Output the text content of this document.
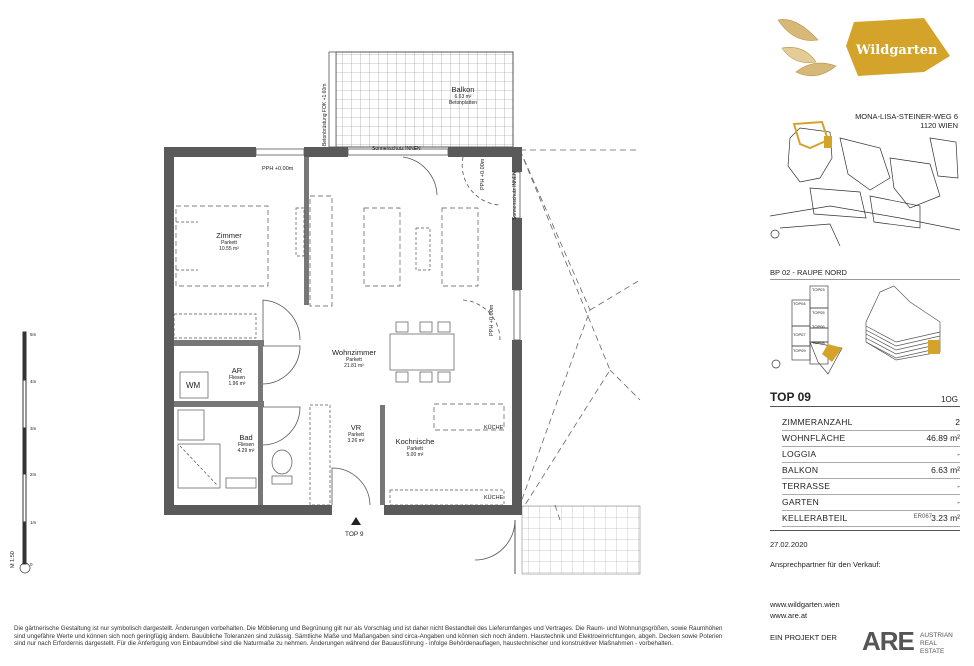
Balkon
6.63 m²
Betonplatten
Zimmer
Parkett
10.55 m²
Wohnzimmer
Parkett
21.81 m²
AR
Fliesen
1.96 m²
Bad
Fliesen
4.29 m²
VR
Parkett
3.26 m²	Kochnische
Parkett
5.00 m²
Sonnenschutz INNEN
PPH +0.00m	PPH +0.00m	Sonnenschutz INNEN
PPH +0.00m
Betonbrüstung FOK +1.60m
WM
KÜCHE
KÜCHE
TOP 9
M 1:50
5m
4m
3m
2m
1m
0
Die gärtnerische Gestaltung ist nur symbolisch dargestellt. Änderungen vorbehalten. Die Möblierung und Begrünung gilt nur als Vorschlag und ist daher nicht Bestandteil des Lieferumfanges und Vertrages. Die Raum- und Wohnungsgrößen, sowie Raumhöhen sind ungefähre Werte und können sich noch geringfügig ändern. Bauübliche Toleranzen sind zulässig. Sämtliche Maße und Maßangaben sind circa-Angaben und können sich noch ändern. Haustechnik und Elektroeinrichtungen, abgeh. Decken sowie Poterien sind nur nach Erfordernis dargestellt. Für die Anfertigung von Einbaumöbel sind die Naturmaße zu nehmen. Änderungen während der Bauausführung - infolge Behördenauflagen, haustechnischer und konstruktiver Maßnahmen - vorbehalten.
Wildgarten
MONA-LISA-STEINER-WEG 6
1120 WIEN
BP 02 - RAUPE NORD
TOP03
TOP04
TOP05
TOP06
TOP07
TOP08
TOP09
TOP 09	1OG
ZIMMERANZAHL	2
WOHNFLÄCHE	46.89 m²
LOGGIA	-
BALKON	6.63 m²
TERRASSE	-
GARTEN	-
KELLERABTEIL	3.23 m²
ER067
27.02.2020
Ansprechpartner für den Verkauf:
www.wildgarten.wien
www.are.at
EIN PROJEKT DER ARE AUSTRIAN
REAL
ESTATE
